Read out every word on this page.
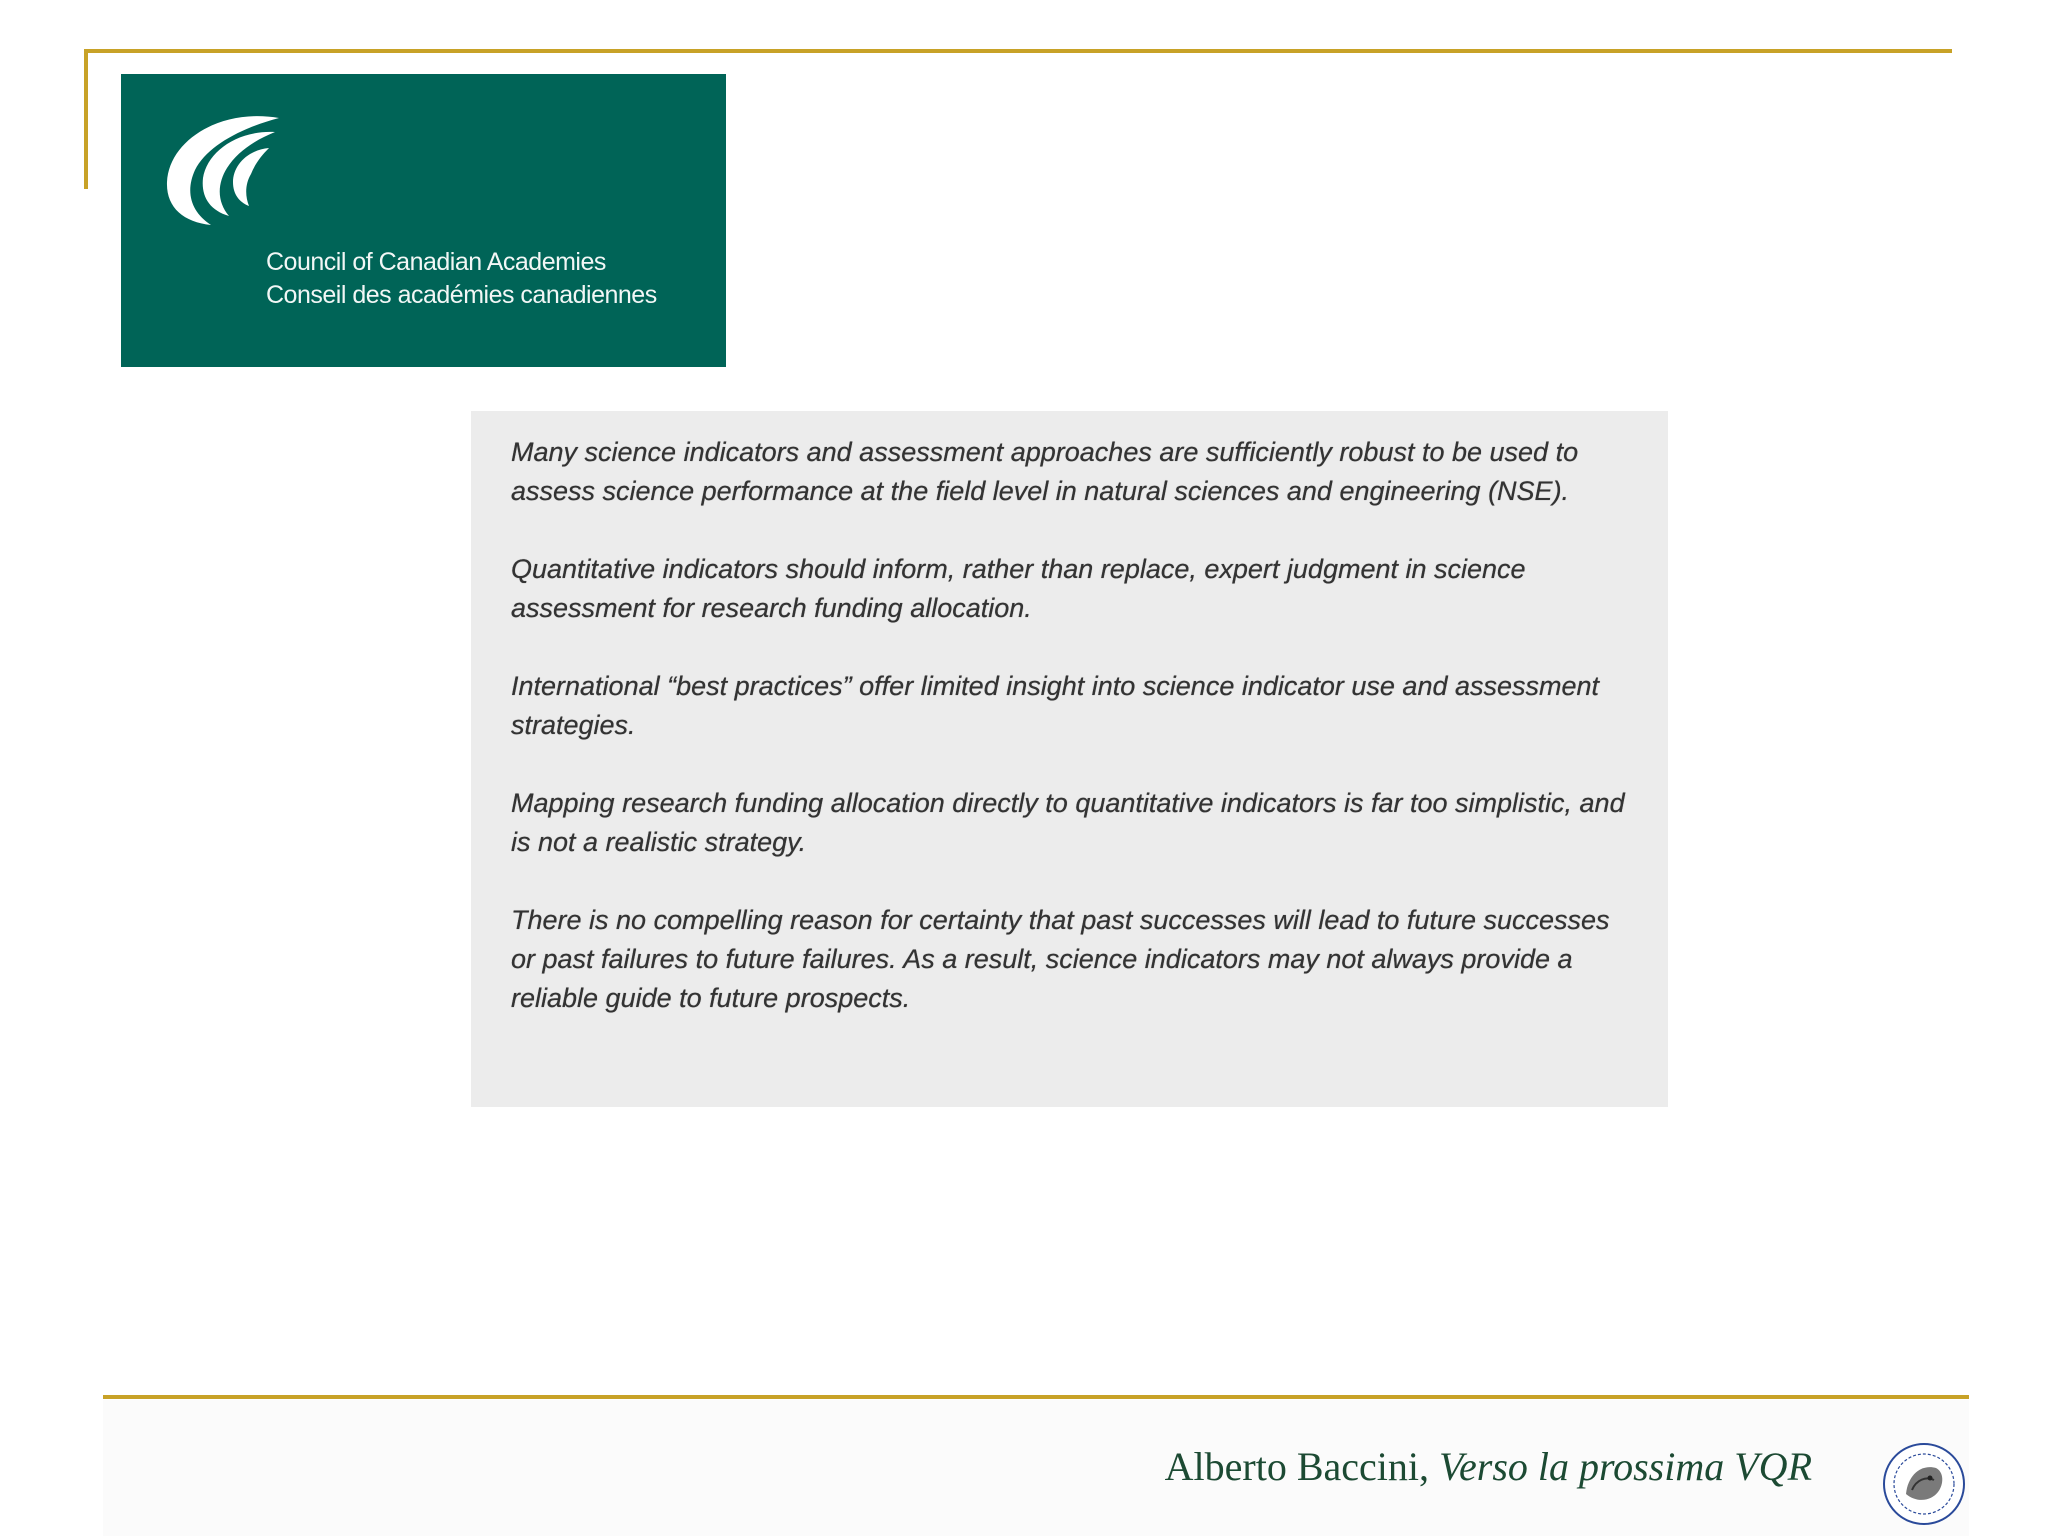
Council of Canadian Academies
Conseil des académies canadiennes

Many science indicators and assessment approaches are sufficiently robust to be used to assess science performance at the field level in natural sciences and engineering (NSE).

Quantitative indicators should inform, rather than replace, expert judgment in science assessment for research funding allocation.

International “best practices” offer limited insight into science indicator use and assessment strategies.

Mapping research funding allocation directly to quantitative indicators is far too simplistic, and is not a realistic strategy.

There is no compelling reason for certainty that past successes will lead to future successes or past failures to future failures. As a result, science indicators may not always provide a reliable guide to future prospects.

Alberto Baccini, Verso la prossima VQR
